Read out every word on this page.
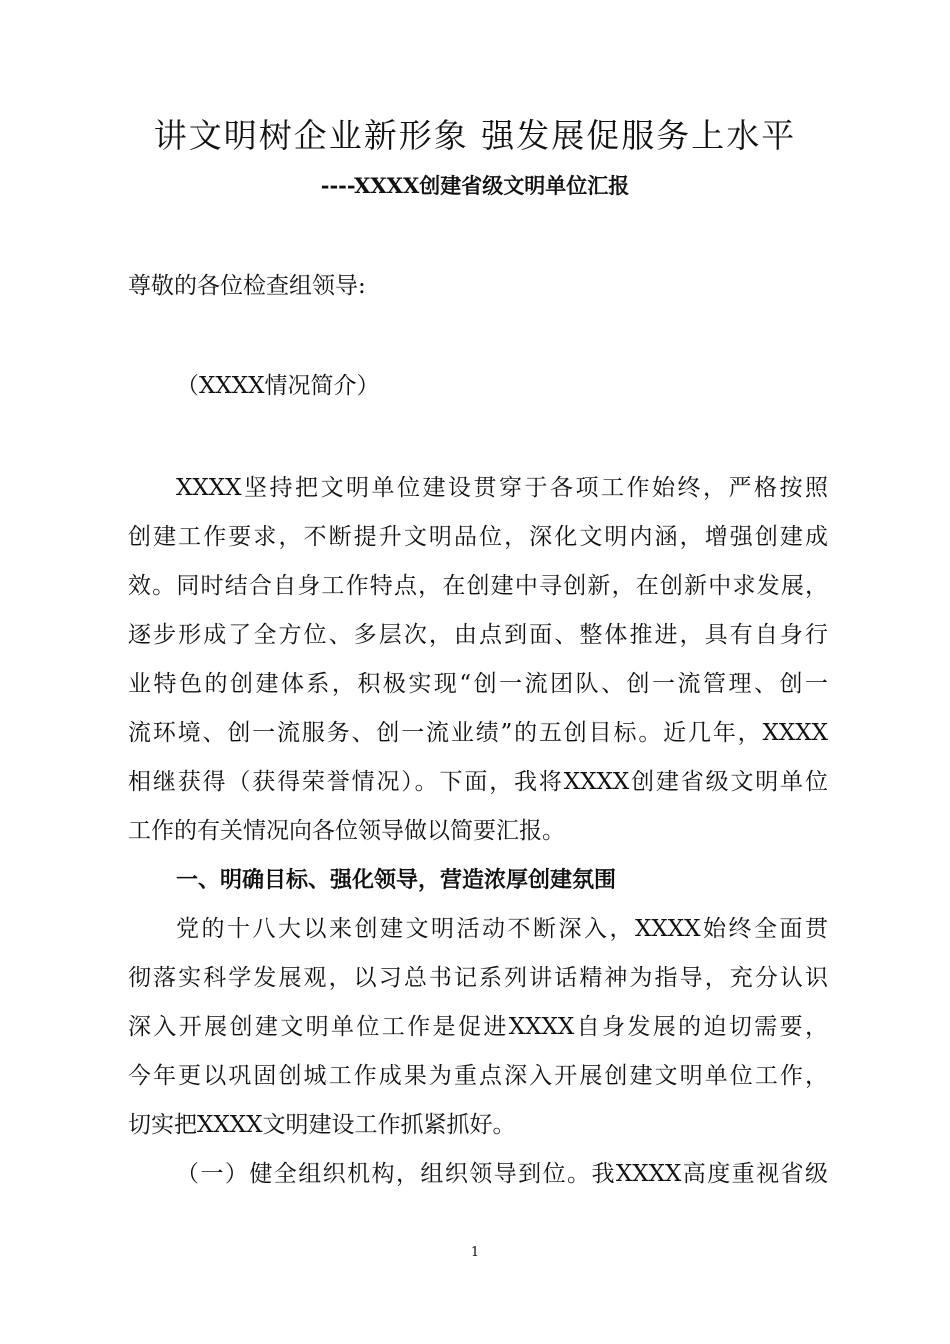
讲文明树企业新形象 强发展促服务上水平
----XXXX创建省级文明单位汇报
尊敬的各位检查组领导:
（XXXX情况简介）
XXXX坚持把文明单位建设贯穿于各项工作始终，严格按照
创建工作要求，不断提升文明品位，深化文明内涵，增强创建成
效。同时结合自身工作特点，在创建中寻创新，在创新中求发展，
逐步形成了全方位、多层次，由点到面、整体推进，具有自身行
业特色的创建体系，积极实现“创一流团队、创一流管理、创一
流环境、创一流服务、创一流业绩”的五创目标。近几年，XXXX
相继获得（获得荣誉情况）。下面，我将XXXX创建省级文明单位
工作的有关情况向各位领导做以简要汇报。
一、明确目标、强化领导，营造浓厚创建氛围
党的十八大以来创建文明活动不断深入，XXXX始终全面贯
彻落实科学发展观，以习总书记系列讲话精神为指导，充分认识
深入开展创建文明单位工作是促进XXXX自身发展的迫切需要，
今年更以巩固创城工作成果为重点深入开展创建文明单位工作，
切实把XXXX文明建设工作抓紧抓好。
（一）健全组织机构，组织领导到位。我XXXX高度重视省级
1
